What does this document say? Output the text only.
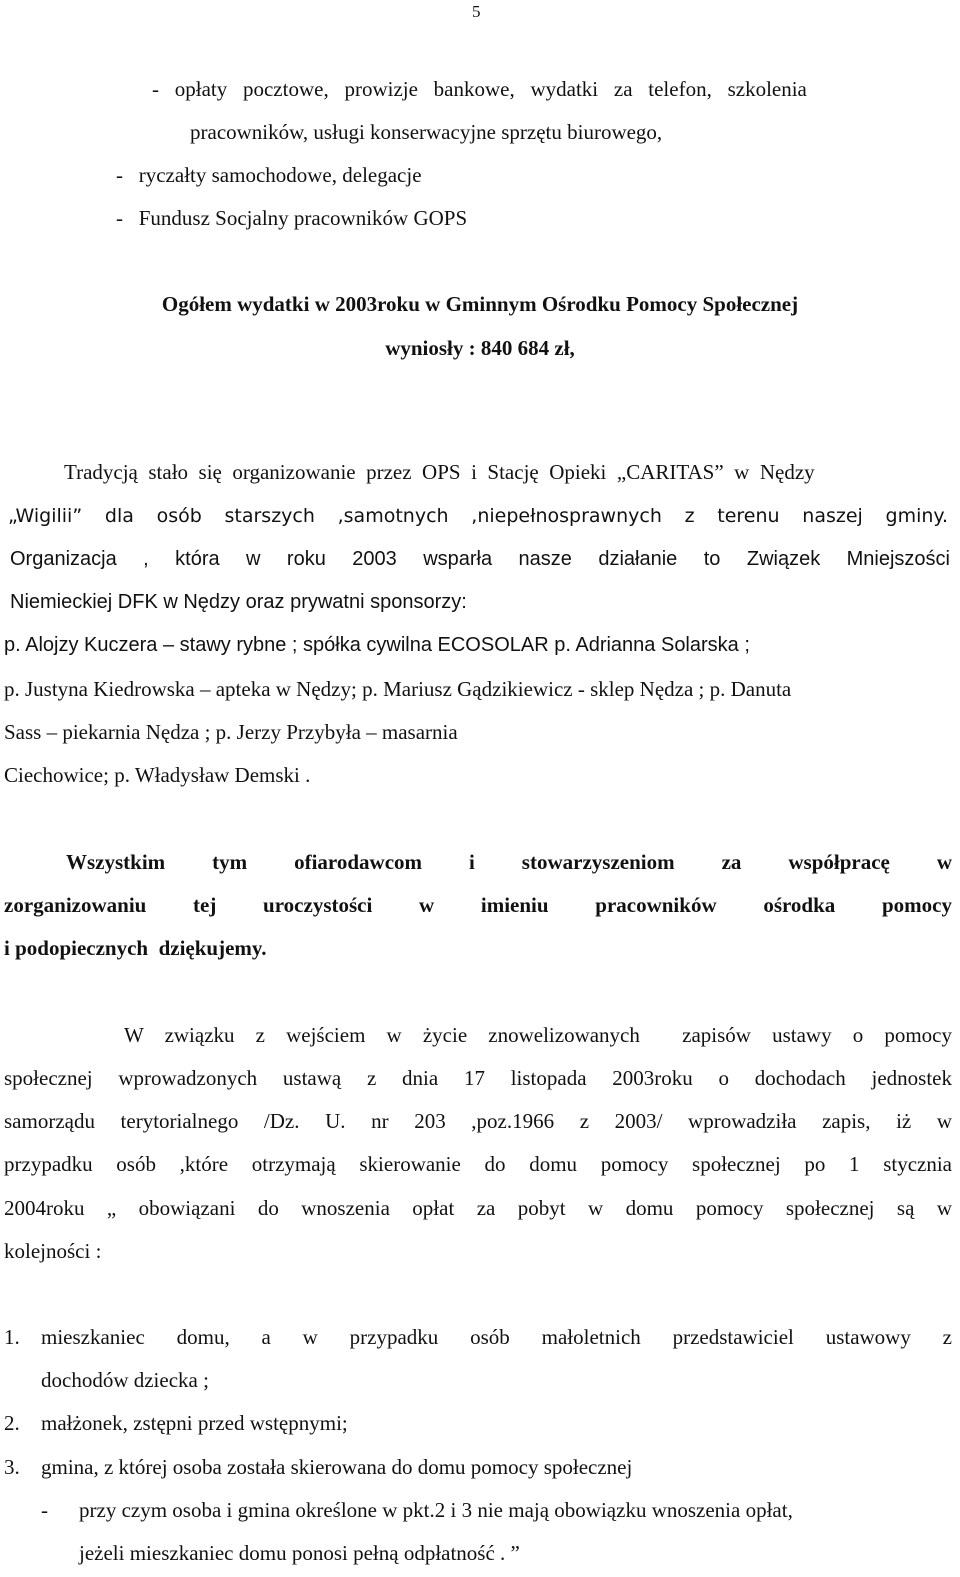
5
-   opłaty   pocztowe,   prowizje   bankowe,   wydatki   za   telefon,   szkolenia
pracowników, usługi konserwacyjne sprzętu biurowego,
-   ryczałty samochodowe, delegacje
-   Fundusz Socjalny pracowników GOPS
Ogółem wydatki w 2003roku w Gminnym Ośrodku Pomocy Społecznej
wyniosły : 840 684 zł,
Tradycją  stało  się  organizowanie  przez  OPS  i  Stację  Opieki  „CARITAS”  w  Nędzy
„Wigilii” dla osób starszych ,samotnych ,niepełnosprawnych z terenu naszej gminy.
Organizacja , która w roku 2003 wsparła nasze działanie to Związek Mniejszości
Niemieckiej DFK w Nędzy oraz prywatni sponsorzy:
p. Alojzy Kuczera – stawy rybne ; spółka cywilna ECOSOLAR p. Adrianna Solarska ;
p. Justyna Kiedrowska – apteka w Nędzy; p. Mariusz Gądzikiewicz - sklep Nędza ; p. Danuta
Sass – piekarnia Nędza ; p. Jerzy Przybyła – masarnia
Ciechowice; p. Władysław Demski .
Wszystkim tym ofiarodawcom i stowarzyszeniom za współpracę w
zorganizowaniu tej uroczystości w imieniu pracowników ośrodka pomocy
i podopiecznych  dziękujemy.
W związku z wejściem w życie znowelizowanych  zapisów ustawy o pomocy
społecznej wprowadzonych ustawą z dnia 17 listopada 2003roku o dochodach jednostek
samorządu terytorialnego /Dz. U. nr 203 ,poz.1966 z 2003/ wprowadziła zapis, iż w
przypadku osób ,które otrzymają skierowanie do domu pomocy społecznej po 1 stycznia
2004roku „ obowiązani do wnoszenia opłat za pobyt w domu pomocy społecznej są w
kolejności :
1. mieszkaniec domu, a w przypadku osób małoletnich przedstawiciel ustawowy z
dochodów dziecka ;
2. małżonek, zstępni przed wstępnymi;
3. gmina, z której osoba została skierowana do domu pomocy społecznej
- przy czym osoba i gmina określone w pkt.2 i 3 nie mają obowiązku wnoszenia opłat,
jeżeli mieszkaniec domu ponosi pełną odpłatność . ”
